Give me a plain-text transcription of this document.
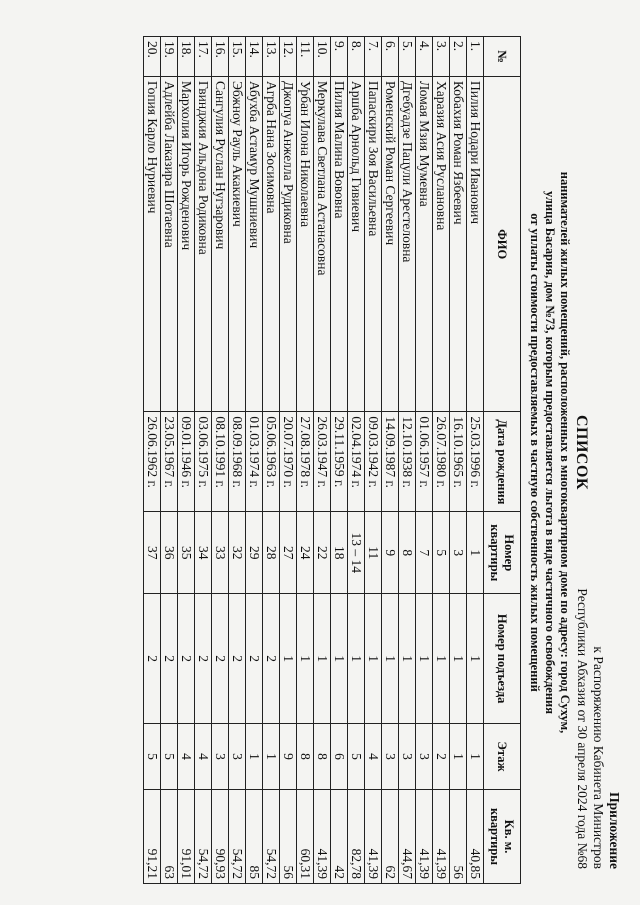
Приложение
к Распоряжению Кабинета Министров
Республики Абхазия от 30 апреля 2024 года №68
СПИСОК
нанимателей жилых помещений, расположенных в многоквартирном доме по адресу: город Сухум,
улица Басария, дом №73, которым предоставляется льгота в виде частичного освобождения
от уплаты стоимости предоставляемых в частную собственность жилых помещений
№	ФИО	Дата рождения	Номер квартиры	Номер подъезда	Этаж	Кв. м. квартиры
1.	Пилия Нодари Иванович	25.03.1996 г.	1	1	1	40,85
2.	Кобахия Роман Язбеевич	16.10.1965 г.	3	1	1	56
3.	Харазия Асия Руслановна	26.07.1980 г.	5	1	2	41,39
4.	Ломая Мзия Мумевна	01.06.1957 г.	7	1	3	41,39
5.	Дгебуадзе Пацули Арестеловна	12.10.1938 г.	8	1	3	44,67
6.	Роменский Роман Сергеевич	14.09.1987 г.	9	1	3	62
7.	Папаскири Зоя Васильевна	09.03.1942 г.	11	1	4	41,39
8.	Аршба Арнольд Гивиевич	02.04.1974 г.	13 – 14	1	5	82,78
9.	Пилия Малина Вововна	29.11.1959 г.	18	1	6	42
10.	Меркулава Светлана Астанасовна	26.03.1947 г.	22	1	8	41,39
11.	Урбан Илона Николаевна	27.08.1978 г.	24	1	8	60,31
12.	Джопуа Анжелла Рудиковна	20.07.1970 г.	27	1	9	56
13.	Агрба Нана Зосимовна	05.06.1963 г.	28	2	1	54,72
14.	Абухба Астамур Мушниевич	01.03.1974 г.	29	2	1	85
15.	Эбжноу Рауль Акакиевич	08.09.1968 г.	32	2	3	54,72
16.	Сангулия Руслан Нугзарович	08.10.1991 г.	33	2	3	90,93
17.	Гвинджия Альдона Родиковна	03.06.1975 г.	34	2	4	54,72
18.	Мархолия Игорь Рожденович	09.01.1946 г.	35	2	4	91,01
19.	Адлейба Лаказира Шотаевна	23.05.1967 г.	36	2	5	63
20.	Гопия Карло Нуриевич	26.06.1962 г.	37	2	5	91,21
